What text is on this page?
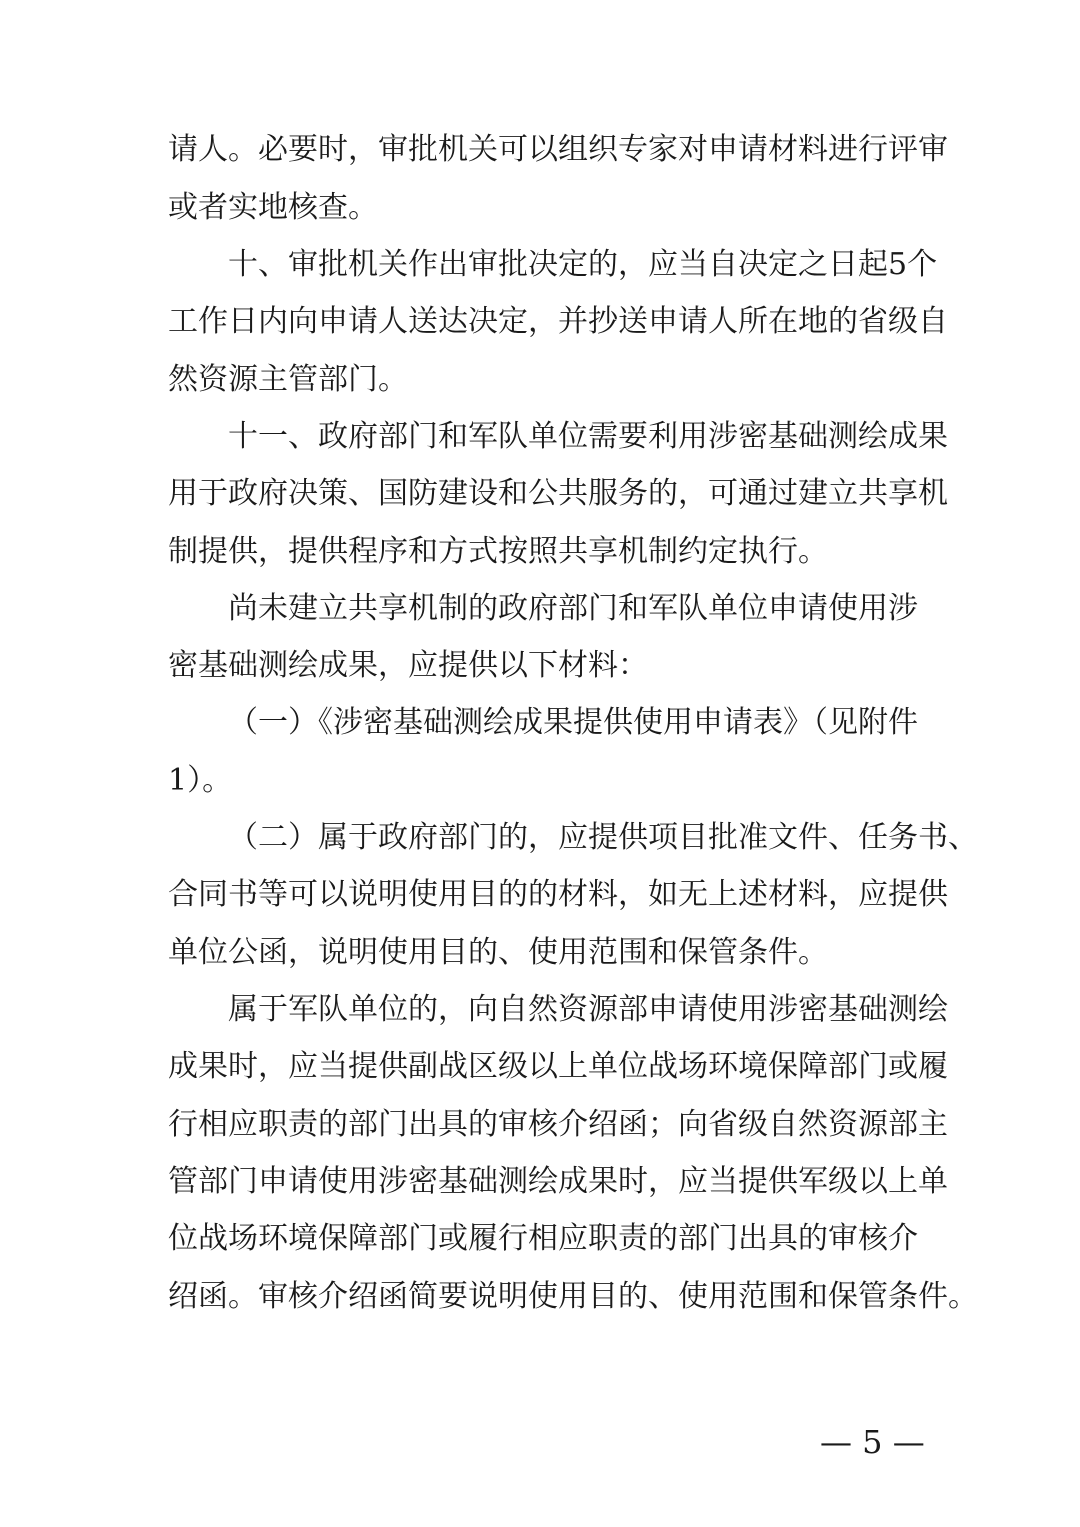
请人。必要时，审批机关可以组织专家对申请材料进行评审
或者实地核查。
十、审批机关作出审批决定的，应当自决定之日起5个
工作日内向申请人送达决定，并抄送申请人所在地的省级自
然资源主管部门。
十一、政府部门和军队单位需要利用涉密基础测绘成果
用于政府决策、国防建设和公共服务的，可通过建立共享机
制提供，提供程序和方式按照共享机制约定执行。
尚未建立共享机制的政府部门和军队单位申请使用涉
密基础测绘成果，应提供以下材料：
（一）《涉密基础测绘成果提供使用申请表》（见附件
1）。
（二）属于政府部门的，应提供项目批准文件、任务书、
合同书等可以说明使用目的的材料，如无上述材料，应提供
单位公函，说明使用目的、使用范围和保管条件。
属于军队单位的，向自然资源部申请使用涉密基础测绘
成果时，应当提供副战区级以上单位战场环境保障部门或履
行相应职责的部门出具的审核介绍函；向省级自然资源部主
管部门申请使用涉密基础测绘成果时，应当提供军级以上单
位战场环境保障部门或履行相应职责的部门出具的审核介
绍函。审核介绍函简要说明使用目的、使用范围和保管条件。
— 5 —
